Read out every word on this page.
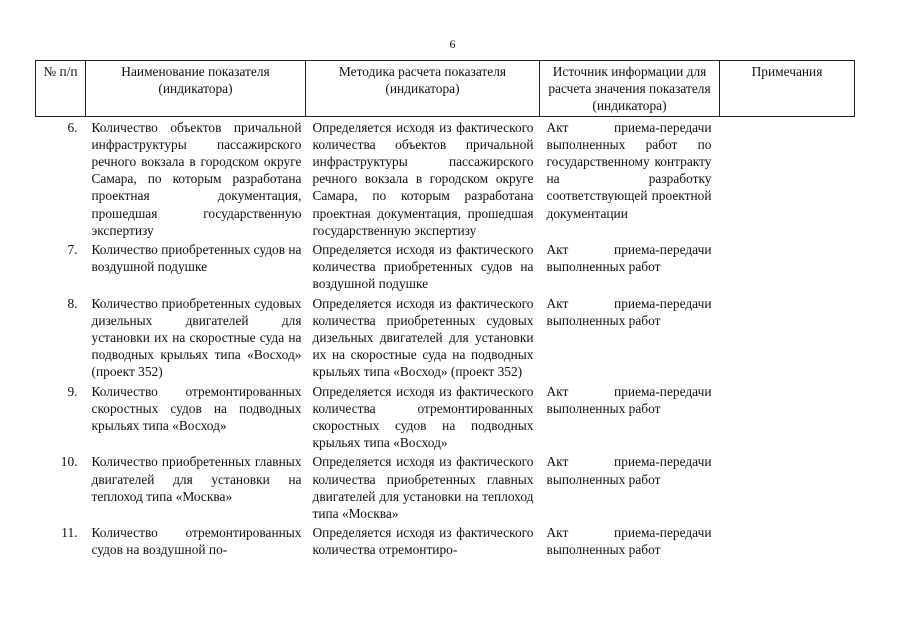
6
№ п/п	Наименование показателя (индикатора)	Методика расчета показателя (индикатора)	Источник информации для расчета значения показателя (индикатора)	Примечания
6.	Количество объектов причальной инфраструктуры пассажирского речного вокзала в городском округе Самара, по которым разработана проектная документация, прошедшая государственную экспертизу	Определяется исходя из фактического количества объектов причальной инфраструктуры пассажирского речного вокзала в городском округе Самара, по которым разработана проектная документация, прошедшая государственную экспертизу	Акт приема-передачи выполненных работ по государственному контракту на разработку соответствующей проектной документации	
7.	Количество приобретенных судов на воздушной подушке	Определяется исходя из фактического количества приобретенных судов на воздушной подушке	Акт приема-передачи выполненных работ	
8.	Количество приобретенных судовых дизельных двигателей для установки их на скоростные суда на подводных крыльях типа «Восход» (проект 352)	Определяется исходя из фактического количества приобретенных судовых дизельных двигателей для установки их на скоростные суда на подводных крыльях типа «Восход» (проект 352)	Акт приема-передачи выполненных работ	
9.	Количество отремонтированных скоростных судов на подводных крыльях типа «Восход»	Определяется исходя из фактического количества отремонтированных скоростных судов на подводных крыльях типа «Восход»	Акт приема-передачи выполненных работ	
10.	Количество приобретенных главных двигателей для установки на теплоход типа «Москва»	Определяется исходя из фактического количества приобретенных главных двигателей для установки на теплоход типа «Москва»	Акт приема-передачи выполненных работ	
11.	Количество отремонтированных судов на воздушной по-	Определяется исходя из фактического количества отремонтиро-	Акт приема-передачи выполненных работ	
